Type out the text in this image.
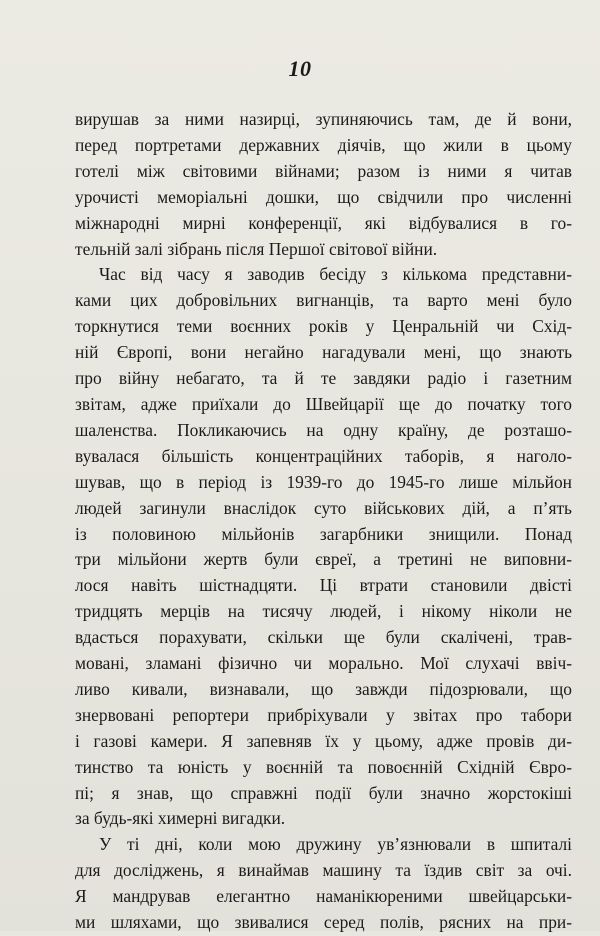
10

вирушав за ними назирці, зупиняючись там, де й вони,
перед портретами державних діячів, що жили в цьому
готелі між світовими війнами; разом із ними я читав
урочисті меморіальні дошки, що свідчили про численні
міжнародні мирні конференції, які відбувалися в го-
тельній залі зібрань після Першої світової війни.

Час від часу я заводив бесіду з кількома представни-
ками цих добровільних вигнанців, та варто мені було
торкнутися теми воєнних років у Ценральній чи Схід-
ній Європі, вони негайно нагадували мені, що знають
про війну небагато, та й те завдяки радіо і газетним
звітам, адже приїхали до Швейцарії ще до початку того
шаленства. Покликаючись на одну країну, де розташо-
вувалася більшість концентраційних таборів, я наголо-
шував, що в період із 1939-го до 1945-го лише мільйон
людей загинули внаслідок суто військових дій, а п’ять
із половиною мільйонів загарбники знищили. Понад
три мільйони жертв були євреї, а третині не виповни-
лося навіть шістнадцяти. Ці втрати становили двісті
тридцять мерців на тисячу людей, і нікому ніколи не
вдасться порахувати, скільки ще були скалічені, трав-
мовані, зламані фізично чи морально. Мої слухачі ввіч-
ливо кивали, визнавали, що завжди підозрювали, що
знервовані репортери прибріхували у звітах про табори
і газові камери. Я запевняв їх у цьому, адже провів ди-
тинство та юність у воєнній та повоєнній Східній Євро-
пі; я знав, що справжні події були значно жорстокіші
за будь-які химерні вигадки.

У ті дні, коли мою дружину ув’язнювали в шпиталі
для досліджень, я винаймав машину та їздив світ за очі.
Я мандрував елегантно наманікюреними швейцарськи-
ми шляхами, що звивалися серед полів, рясних на при-
